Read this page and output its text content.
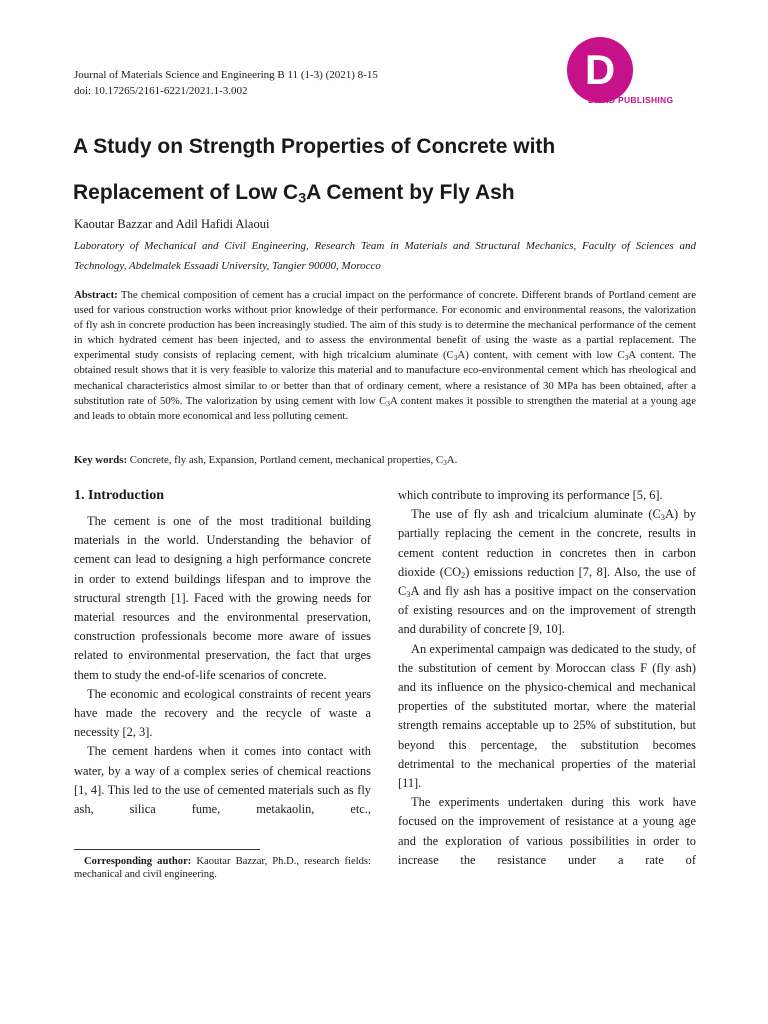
Journal of Materials Science and Engineering B 11 (1-3) (2021) 8-15
doi: 10.17265/2161-6221/2021.1-3.002	D
DAVID PUBLISHING
A Study on Strength Properties of Concrete with
Replacement of Low $C_3A$ Cement by Fly Ash
Kaoutar Bazzar and Adil Hafidi Alaoui
Laboratory of Mechanical and Civil Engineering, Research Team in Materials and Structural Mechanics, Faculty of Sciences and Technology, Abdelmalek Essaadi University, Tangier 90000, Morocco

Abstract: The chemical composition of cement has a crucial impact on the performance of concrete. Different brands of Portland cement are used for various construction works without prior knowledge of their performance. For economic and environmental reasons, the valorization of fly ash in concrete production has been increasingly studied. The aim of this study is to determine the mechanical performance of the cement in which hydrated cement has been injected, and to assess the environmental benefit of using the waste as a partial replacement. The experimental study consists of replacing cement, with high tricalcium aluminate $(C_3A)$ content, with cement with low $C_3A$ content. The obtained result shows that it is very feasible to valorize this material and to manufacture eco-environmental cement which has rheological and mechanical characteristics almost similar to or better than that of ordinary cement, where a resistance of 30 MPa has been obtained, after a substitution rate of 50%. The valorization by using cement with low $C_3A$ content makes it possible to strengthen the material at a young age and leads to obtain more economical and less polluting cement.

Key words: Concrete, fly ash, Expansion, Portland cement, mechanical properties, $C_3A$.

1. Introduction

The cement is one of the most traditional building materials in the world. Understanding the behavior of cement can lead to designing a high performance concrete in order to extend buildings lifespan and to improve the structural strength [1]. Faced with the growing needs for material resources and the environmental preservation, construction professionals become more aware of issues related to environmental preservation, the fact that urges them to study the end-of-life scenarios of concrete.

The economic and ecological constraints of recent years have made the recovery and the recycle of waste a necessity [2, 3].

The cement hardens when it comes into contact with water, by a way of a complex series of chemical reactions [1, 4]. This led to the use of cemented materials such as fly ash, silica fume, metakaolin, etc.,

which contribute to improving its performance [5, 6].

The use of fly ash and tricalcium aluminate $(C_3A)$ by partially replacing the cement in the concrete, results in cement content reduction in concretes then in carbon dioxide $(CO_2)$ emissions reduction [7, 8]. Also, the use of $C_3A$ and fly ash has a positive impact on the conservation of existing resources and on the improvement of strength and durability of concrete [9, 10].

An experimental campaign was dedicated to the study, of the substitution of cement by Moroccan class F (fly ash) and its influence on the physico-chemical and mechanical properties of the substituted mortar, where the material strength remains acceptable up to 25% of substitution, but beyond this percentage, the substitution becomes detrimental to the mechanical properties of the material [11].

The experiments undertaken during this work have focused on the improvement of resistance at a young age and the exploration of various possibilities in order to increase the resistance under a rate of

Corresponding author: Kaoutar Bazzar, Ph.D., research fields: mechanical and civil engineering.
